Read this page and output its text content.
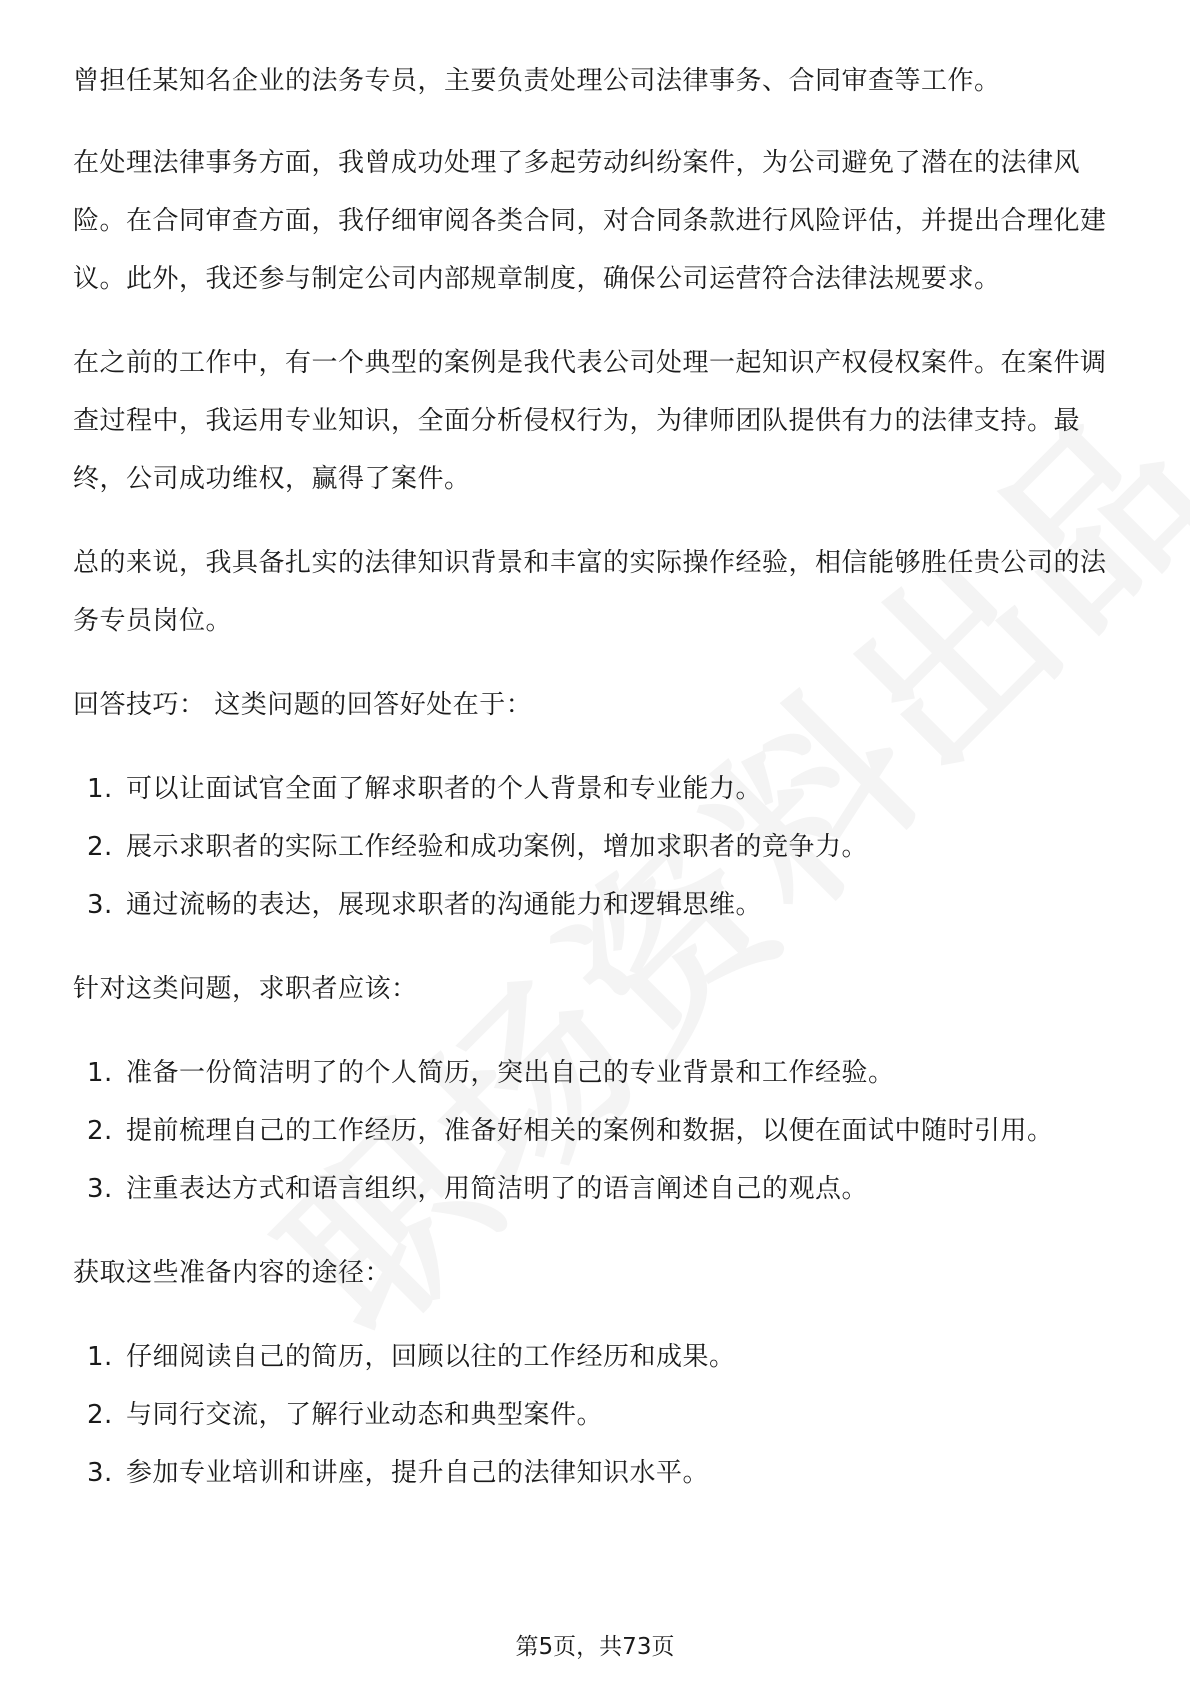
曾担任某知名企业的法务专员，主要负责处理公司法律事务、合同审查等工作。

在处理法律事务方面，我曾成功处理了多起劳动纠纷案件，为公司避免了潜在的法律风险。在合同审查方面，我仔细审阅各类合同，对合同条款进行风险评估，并提出合理化建议。此外，我还参与制定公司内部规章制度，确保公司运营符合法律法规要求。

在之前的工作中，有一个典型的案例是我代表公司处理一起知识产权侵权案件。在案件调查过程中，我运用专业知识，全面分析侵权行为，为律师团队提供有力的法律支持。最终，公司成功维权，赢得了案件。

总的来说，我具备扎实的法律知识背景和丰富的实际操作经验，相信能够胜任贵公司的法务专员岗位。

回答技巧： 这类问题的回答好处在于：

1. 可以让面试官全面了解求职者的个人背景和专业能力。
2. 展示求职者的实际工作经验和成功案例，增加求职者的竞争力。
3. 通过流畅的表达，展现求职者的沟通能力和逻辑思维。

针对这类问题，求职者应该：

1. 准备一份简洁明了的个人简历，突出自己的专业背景和工作经验。
2. 提前梳理自己的工作经历，准备好相关的案例和数据，以便在面试中随时引用。
3. 注重表达方式和语言组织，用简洁明了的语言阐述自己的观点。

获取这些准备内容的途径：

1. 仔细阅读自己的简历，回顾以往的工作经历和成果。
2. 与同行交流，了解行业动态和典型案件。
3. 参加专业培训和讲座，提升自己的法律知识水平。
第5页，共73页
